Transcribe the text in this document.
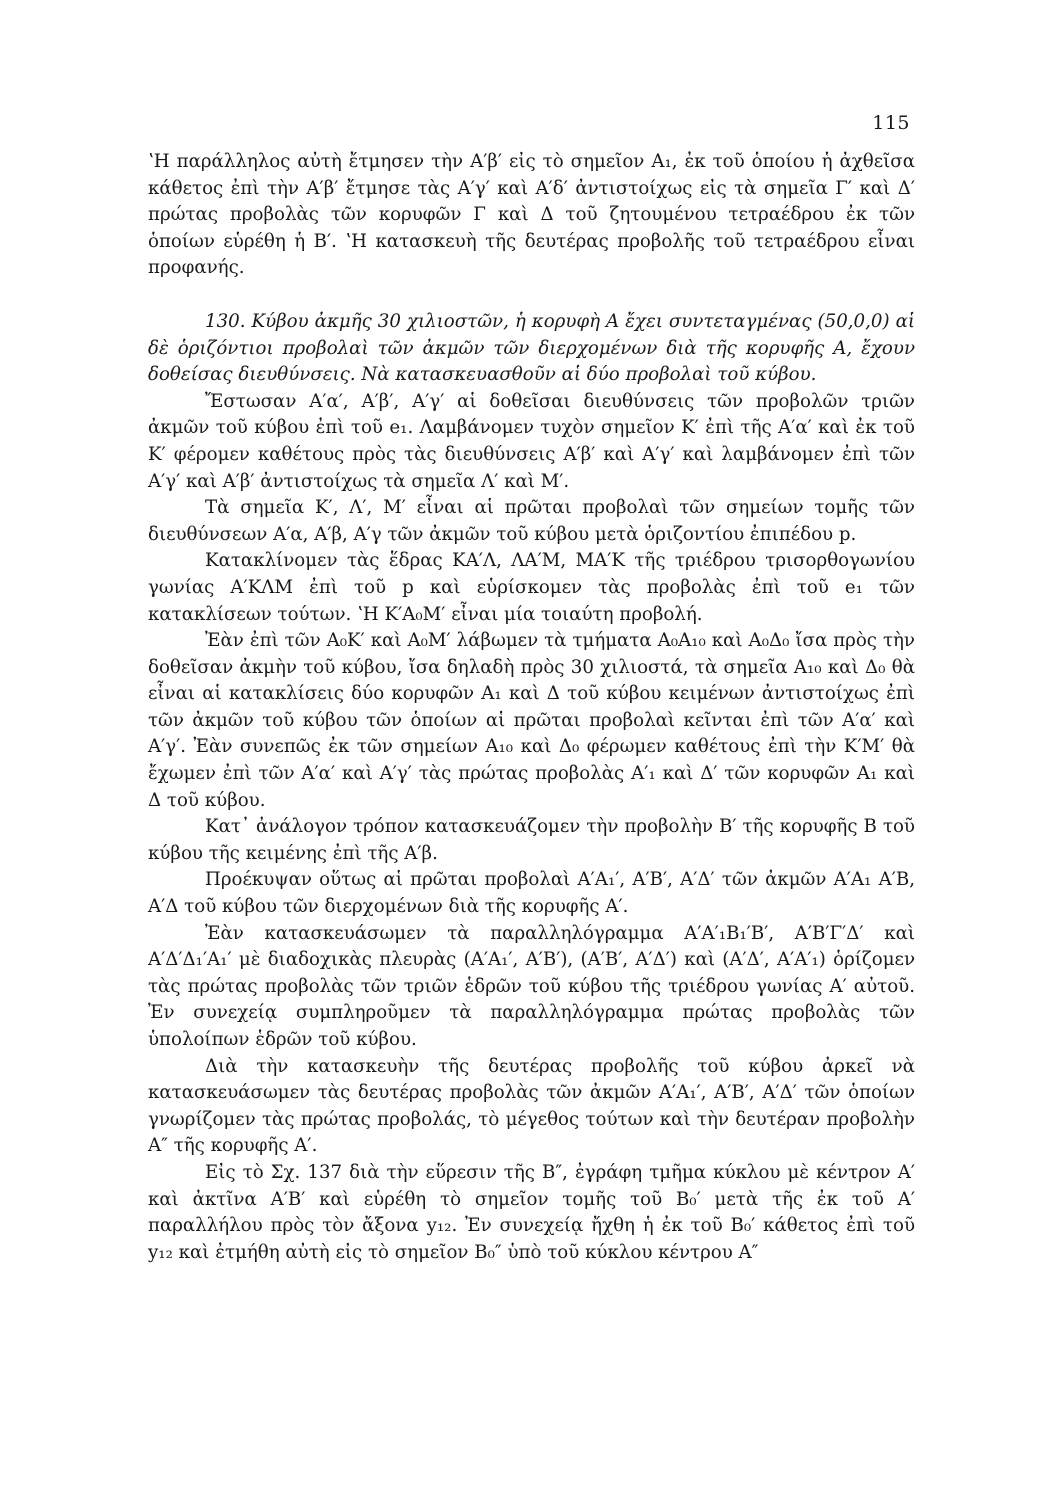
115

ʽΗ παράλληλος αὐτὴ ἔτμησεν τὴν Α′β′ εἰς τὸ σημεῖον Α₁, ἐκ τοῦ ὁποίου ἡ ἀχθεῖσα κάθετος ἐπὶ τὴν Α′β′ ἔτμησε τὰς Α′γ′ καὶ Α′δ′ ἀντιστοίχως εἰς τὰ σημεῖα Γ′ καὶ Δ′ πρώτας προβολὰς τῶν κορυφῶν Γ καὶ Δ τοῦ ζητουμένου τετραέδρου ἐκ τῶν ὁποίων εὑρέθη ἡ Β′. ʽΗ κατασκευὴ τῆς δευτέρας προβολῆς τοῦ τετραέδρου εἶναι προφανής.

130. Κύβου ἀκμῆς 30 χιλιοστῶν, ἡ κορυφὴ Α ἔχει συντεταγμένας (50,0,0) αἱ δὲ ὁριζόντιοι προβολαὶ τῶν ἀκμῶν τῶν διερχομένων διὰ τῆς κορυφῆς Α, ἔχουν δοθείσας διευθύνσεις. Νὰ κατασκευασθοῦν αἱ δύο προβολαὶ τοῦ κύβου.

Ἔστωσαν Α′α′, Α′β′, Α′γ′ αἱ δοθεῖσαι διευθύνσεις τῶν προβολῶν τριῶν ἀκμῶν τοῦ κύβου ἐπὶ τοῦ e₁. Λαμβάνομεν τυχὸν σημεῖον Κ′ ἐπὶ τῆς Α′α′ καὶ ἐκ τοῦ Κ′ φέρομεν καθέτους πρὸς τὰς διευθύνσεις Α′β′ καὶ Α′γ′ καὶ λαμβάνομεν ἐπὶ τῶν Α′γ′ καὶ Α′β′ ἀντιστοίχως τὰ σημεῖα Λ′ καὶ Μ′.

Τὰ σημεῖα Κ′, Λ′, Μ′ εἶναι αἱ πρῶται προβολαὶ τῶν σημείων τομῆς τῶν διευθύνσεων Α′α, Α′β, Α′γ τῶν ἀκμῶν τοῦ κύβου μετὰ ὁριζοντίου ἐπιπέδου p.

Κατακλίνομεν τὰς ἕδρας ΚΑ′Λ, ΛΑ′Μ, ΜΑ′Κ τῆς τριέδρου τρισορθογωνίου γωνίας Α′ΚΛΜ ἐπὶ τοῦ p καὶ εὑρίσκομεν τὰς προβολὰς ἐπὶ τοῦ e₁ τῶν κατακλίσεων τούτων. ʽΗ Κ′Α₀Μ′ εἶναι μία τοιαύτη προβολή.

Ἐὰν ἐπὶ τῶν Α₀Κ′ καὶ Α₀Μ′ λάβωμεν τὰ τμήματα Α₀Α₁₀ καὶ Α₀Δ₀ ἴσα πρὸς τὴν δοθεῖσαν ἀκμὴν τοῦ κύβου, ἴσα δηλαδὴ πρὸς 30 χιλιοστά, τὰ σημεῖα Α₁₀ καὶ Δ₀ θὰ εἶναι αἱ κατακλίσεις δύο κορυφῶν Α₁ καὶ Δ τοῦ κύβου κειμένων ἀντιστοίχως ἐπὶ τῶν ἀκμῶν τοῦ κύβου τῶν ὁποίων αἱ πρῶται προβολαὶ κεῖνται ἐπὶ τῶν Α′α′ καὶ Α′γ′. Ἐὰν συνεπῶς ἐκ τῶν σημείων Α₁₀ καὶ Δ₀ φέρωμεν καθέτους ἐπὶ τὴν Κ′Μ′ θὰ ἔχωμεν ἐπὶ τῶν Α′α′ καὶ Α′γ′ τὰς πρώτας προβολὰς Α′₁ καὶ Δ′ τῶν κορυφῶν Α₁ καὶ Δ τοῦ κύβου.

Κατ᾽ ἀνάλογον τρόπον κατασκευάζομεν τὴν προβολὴν Β′ τῆς κορυφῆς Β τοῦ κύβου τῆς κειμένης ἐπὶ τῆς Α′β.

Προέκυψαν οὕτως αἱ πρῶται προβολαὶ Α′Α₁′, Α′Β′, Α′Δ′ τῶν ἀκμῶν Α′Α₁ Α′Β, Α′Δ τοῦ κύβου τῶν διερχομένων διὰ τῆς κορυφῆς Α′.

Ἐὰν κατασκευάσωμεν τὰ παραλληλόγραμμα Α′Α′₁Β₁′Β′, Α′Β′Γ′Δ′ καὶ Α′Δ′Δ₁′Α₁′ μὲ διαδοχικὰς πλευρὰς (Α′Α₁′, Α′Β′), (Α′Β′, Α′Δ′) καὶ (Α′Δ′, Α′Α′₁) ὁρίζομεν τὰς πρώτας προβολὰς τῶν τριῶν ἑδρῶν τοῦ κύβου τῆς τριέδρου γωνίας Α′ αὐτοῦ. Ἐν συνεχείᾳ συμπληροῦμεν τὰ παραλληλόγραμμα πρώτας προβολὰς τῶν ὑπολοίπων ἑδρῶν τοῦ κύβου.

Διὰ τὴν κατασκευὴν τῆς δευτέρας προβολῆς τοῦ κύβου ἀρκεῖ νὰ κατασκευάσωμεν τὰς δευτέρας προβολὰς τῶν ἀκμῶν Α′Α₁′, Α′Β′, Α′Δ′ τῶν ὁποίων γνωρίζομεν τὰς πρώτας προβολάς, τὸ μέγεθος τούτων καὶ τὴν δευτέραν προβολὴν Α″ τῆς κορυφῆς Α′.

Εἰς τὸ Σχ. 137 διὰ τὴν εὕρεσιν τῆς Β″, ἐγράφη τμῆμα κύκλου μὲ κέντρον Α′ καὶ ἀκτῖνα Α′Β′ καὶ εὑρέθη τὸ σημεῖον τομῆς τοῦ Β₀′ μετὰ τῆς ἐκ τοῦ Α′ παραλλήλου πρὸς τὸν ἄξονα y₁₂. Ἐν συνεχείᾳ ἤχθη ἡ ἐκ τοῦ Β₀′ κάθετος ἐπὶ τοῦ y₁₂ καὶ ἐτμήθη αὐτὴ εἰς τὸ σημεῖον Β₀″ ὑπὸ τοῦ κύκλου κέντρου Α″
